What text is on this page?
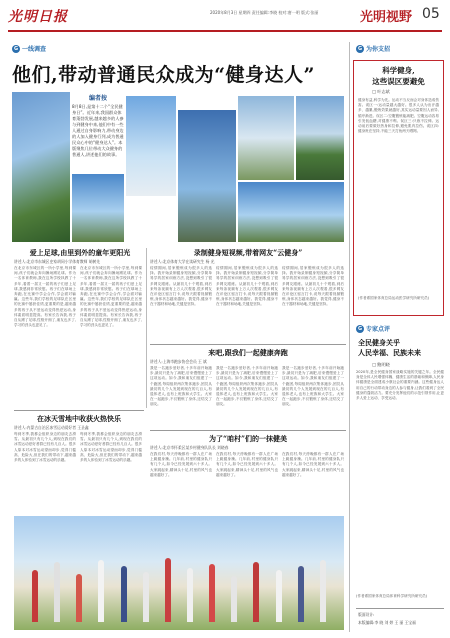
光明日报	2020年8月3日 星期四 责任编辑:李晓 校对:唐一明 版式:张丽	光明视野 05
G 一线调查
他们,带动普通民众成为“健身达人”
编者按
8月8日,是第十二个“全民健身日”。近年来,我国群众体育蓬勃发展,越来越多的人参与到健身中来,他们中有一些人通过自身影响力,带动身边的人加入健身行列,成为普通民众心中的“健身达人”。本版聚焦几位带动大众健身的普通人,讲述他们的故事。
爱上足球,由里到外的童年更阳光
讲述人:北京市东城区史家胡同小学体育教师 胡树先
在北京市东城区的一所小学里,每到课间,孩子们就会奔向操场踢足球。作为一名体育教师,我在这所学校执教了十多年,看着一届又一届的孩子们爱上足球,我感到非常欣慰。孩子们在球场上奔跑,在比赛中学会合作,学会面对输赢。这些年,我们学校的足球队在区里的比赛中屡获佳绩,更重要的是,越来越多的孩子从不爱运动变得热爱运动,身体素质明显提高。有家长告诉我,孩子自从踢了足球,性格开朗了,朋友也多了,学习的劲头也更足了。
在北京市东城区的一所小学里,每到课间,孩子们就会奔向操场踢足球。作为一名体育教师,我在这所学校执教了十多年,看着一届又一届的孩子们爱上足球,我感到非常欣慰。孩子们在球场上奔跑,在比赛中学会合作,学会面对输赢。这些年,我们学校的足球队在区里的比赛中屡获佳绩,更重要的是,越来越多的孩子从不爱运动变得热爱运动,身体素质明显提高。有家长告诉我,孩子自从踢了足球,性格开朗了,朋友也多了,学习的劲头也更足了。
录制健身短视频,带着网友“云健身”
讲述人:北京体育大学在读研究生 杨 光
疫情期间,居家锻炼成为很多人的选择。我开始录制健身短视频,分享简单易学的居家训练方法,没想到吸引了很多网友跟练。从最初几十个观看,到后来每条视频有上万人次观看,很多网友在评论区留言打卡,说每天跟着视频锻炼,身体状态越来越好。我觉得,健身不在于器材和场地,关键是坚持。
疫情期间,居家锻炼成为很多人的选择。我开始录制健身短视频,分享简单易学的居家训练方法,没想到吸引了很多网友跟练。从最初几十个观看,到后来每条视频有上万人次观看,很多网友在评论区留言打卡,说每天跟着视频锻炼,身体状态越来越好。我觉得,健身不在于器材和场地,关键是坚持。
疫情期间,居家锻炼成为很多人的选择。我开始录制健身短视频,分享简单易学的居家训练方法,没想到吸引了很多网友跟练。从最初几十个观看,到后来每条视频有上万人次观看,很多网友在评论区留言打卡,说每天跟着视频锻炼,身体状态越来越好。我觉得,健身不在于器材和场地,关键是坚持。
来吧,跟我们一起健康奔跑
讲述人:上海市跑步协会会员 王 斌
我是一名跑步爱好者,十多年前开始跑步,最初只是为了减肥,后来慢慢爱上了这项运动。如今,我和朋友们组建了一个跑团,每周组织两次集体跑步,团员从最初的几个人发展到现在的几百人,有退休老人,也有上班族和大学生。大家在一起跑步,不仅锻炼了身体,还结交了朋友。
我是一名跑步爱好者,十多年前开始跑步,最初只是为了减肥,后来慢慢爱上了这项运动。如今,我和朋友们组建了一个跑团,每周组织两次集体跑步,团员从最初的几个人发展到现在的几百人,有退休老人,也有上班族和大学生。大家在一起跑步,不仅锻炼了身体,还结交了朋友。
我是一名跑步爱好者,十多年前开始跑步,最初只是为了减肥,后来慢慢爱上了这项运动。如今,我和朋友们组建了一个跑团,每周组织两次集体跑步,团员从最初的几个人发展到现在的几百人,有退休老人,也有上班族和大学生。大家在一起跑步,不仅锻炼了身体,还结交了朋友。
在冰天雪地中收获火热快乐
讲述人:内蒙古自治区冰雪运动爱好者 王圣鑫
每到冬季,我都会组织身边的朋友去滑雪。从最初只有几个人,到现在我们的冰雪运动爱好者群已经有几百人。很多人原本对冰雪运动望而却步,觉得门槛高、危险大,但在我们的带动下,越来越多的人体验到了冰雪运动的乐趣。
每到冬季,我都会组织身边的朋友去滑雪。从最初只有几个人,到现在我们的冰雪运动爱好者群已经有几百人。很多人原本对冰雪运动望而却步,觉得门槛高、危险大,但在我们的带动下,越来越多的人体验到了冰雪运动的乐趣。
为了“咱村”们的一抹健美
讲述人:北京市怀柔区某乡村健身队队长 刘晓春
在我们村,每天傍晚都有一群人在广场上跳健身操。几年前,村里的健身队只有几个人,如今已经发展到六十多人。大家跳起来,精神头十足,村里的风气也越来越好了。
在我们村,每天傍晚都有一群人在广场上跳健身操。几年前,村里的健身队只有几个人,如今已经发展到六十多人。大家跳起来,精神头十足,村里的风气也越来越好了。
在我们村,每天傍晚都有一群人在广场上跳健身操。几年前,村里的健身队只有几个人,如今已经发展到六十多人。大家跳起来,精神头十足,村里的风气也越来越好了。
G 为你支招
科学健身,
这些误区要避免
□ 叶志斌
健身有益,科学为先。运动不当反而会对身体造成伤害。误区一:运动量越大越好。很多人认为出汗越多、越累,锻炼效果就越好,其实运动量要因人而异,循序渐进。误区二:空腹锻炼能减肥。空腹运动容易引发低血糖,对健康不利。误区三:只练不拉伸。运动前后要做好热身和拉伸,避免肌肉拉伤。误区四:健身贵在坚持,不能三天打鱼两天晒网。
(作者系国家体育总局运动医学研究所研究员)
G 专家点评
全民健身关乎
人民幸福、民族未来
□ 鲍明晓
2020年,是全民健身国家战略实施的关键之年。全民健身是全体人民增强体魄、健康生活的基础和保障,人民身体健康是全面建成小康社会的重要内涵。这些健身达人用自己的行动带动身边的人参与健身,让我们看到了全民健身的蓬勃活力。要充分发挥他们的示范引领作用,让更多人爱上运动、享受运动。
(作者系国家体育总局体育科学研究所研究员)
版面设计:
本版编辑:李 晓 刘 婷 王 丽 王宝福
